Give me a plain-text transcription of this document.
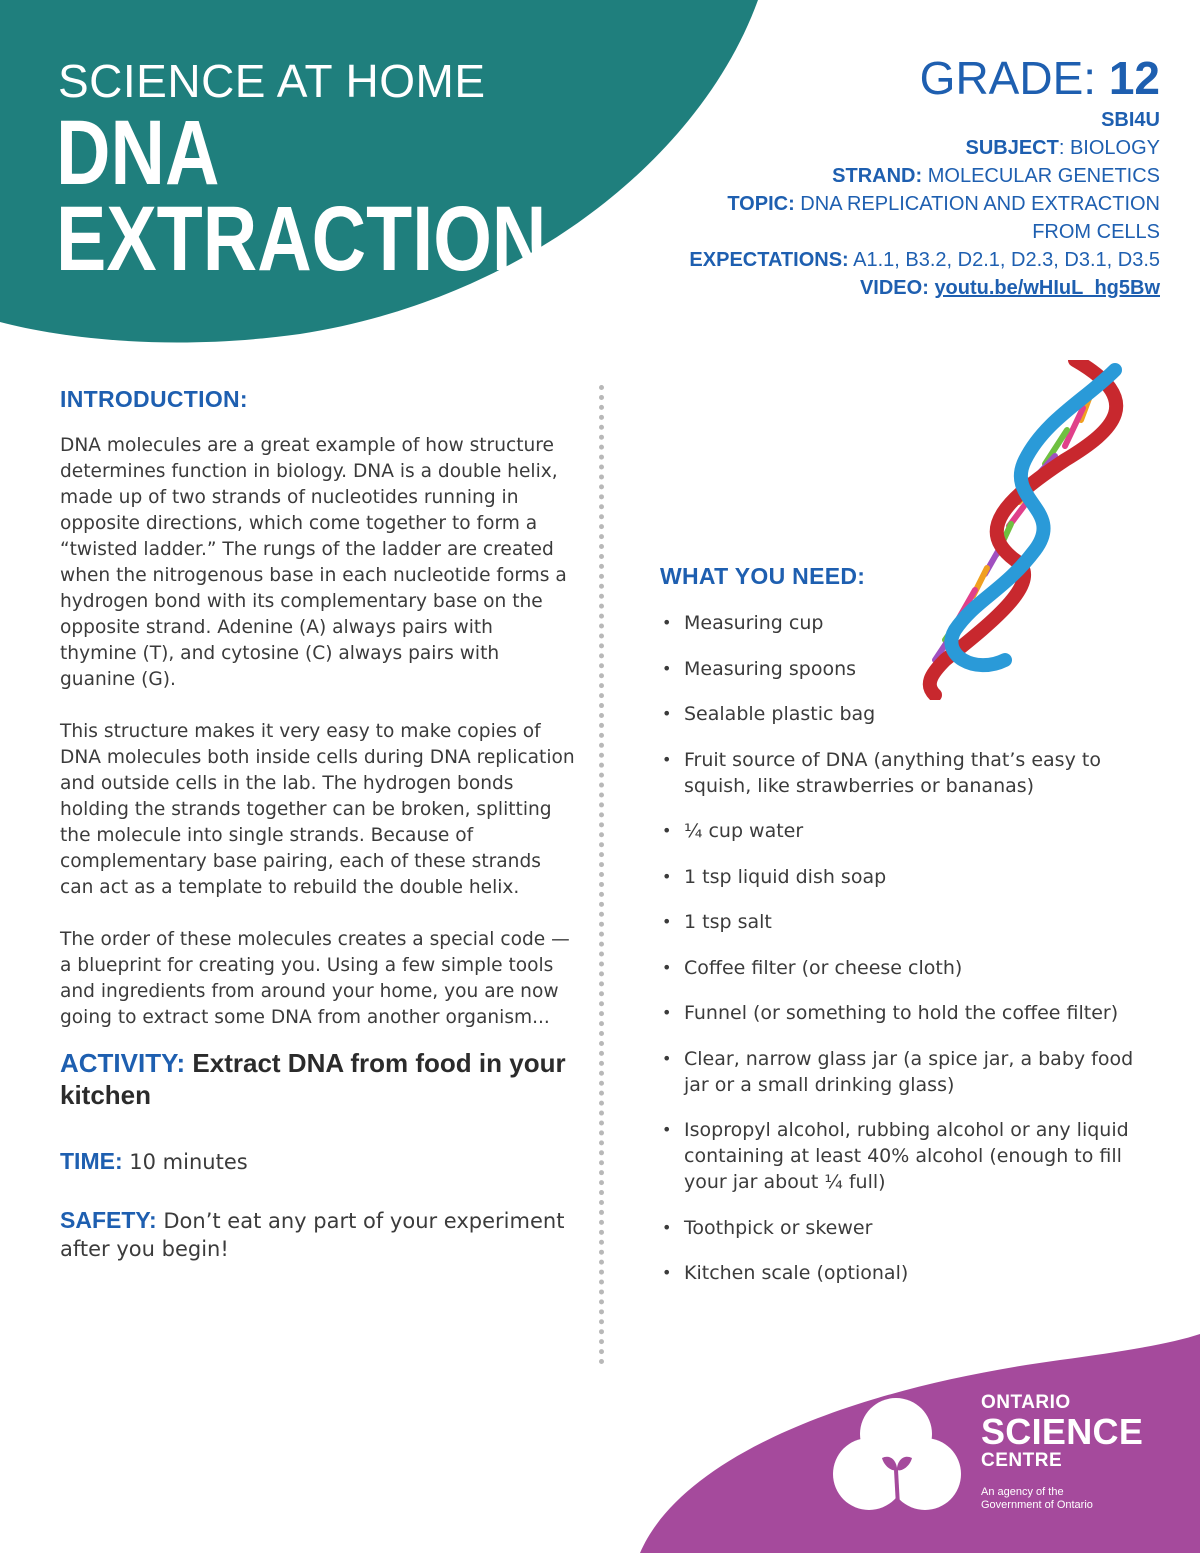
SCIENCE AT HOME
DNA
EXTRACTION
GRADE: 12
SBI4U
SUBJECT: BIOLOGY
STRAND: MOLECULAR GENETICS
TOPIC: DNA REPLICATION AND EXTRACTION
FROM CELLS
EXPECTATIONS: A1.1, B3.2, D2.1, D2.3, D3.1, D3.5
VIDEO: youtu.be/wHIuL_hg5Bw
INTRODUCTION:

DNA molecules are a great example of how structure determines function in biology. DNA is a double helix, made up of two strands of nucleotides running in opposite directions, which come together to form a “twisted ladder.” The rungs of the ladder are created when the nitrogenous base in each nucleotide forms a hydrogen bond with its complementary base on the opposite strand. Adenine (A) always pairs with thymine (T), and cytosine (C) always pairs with guanine (G).

This structure makes it very easy to make copies of DNA molecules both inside cells during DNA replication and outside cells in the lab. The hydrogen bonds holding the strands together can be broken, splitting the molecule into single strands. Because of complementary base pairing, each of these strands can act as a template to rebuild the double helix.

The order of these molecules creates a special code — a blueprint for creating you. Using a few simple tools and ingredients from around your home, you are now going to extract some DNA from another organism...

ACTIVITY: Extract DNA from food in your kitchen
TIME: 10 minutes
SAFETY: Don’t eat any part of your experiment after you begin!
WHAT YOU NEED:
• Measuring cup
• Measuring spoons
• Sealable plastic bag
• Fruit source of DNA (anything that’s easy to squish, like strawberries or bananas)
• ¼ cup water
• 1 tsp liquid dish soap
• 1 tsp salt
• Coffee filter (or cheese cloth)
• Funnel (or something to hold the coffee filter)
• Clear, narrow glass jar (a spice jar, a baby food jar or a small drinking glass)
• Isopropyl alcohol, rubbing alcohol or any liquid containing at least 40% alcohol (enough to fill your jar about ¼ full)
• Toothpick or skewer
• Kitchen scale (optional)
ONTARIO
SCIENCE
CENTRE
An agency of the
Government of Ontario
